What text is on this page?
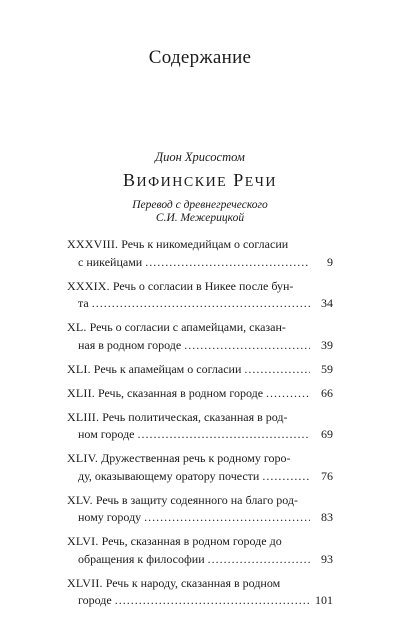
Содержание
Дион Хрисостом
ВИФИНСКИЕ РЕЧИ
Перевод с древнегреческого
С.И. Межерицкой
XXXVIII. Речь к никомедийцам о согласии
с никейцами .....	9
XXXIX. Речь о согласии в Никее после бун-
та .....	34
XL. Речь о согласии с апамейцами, сказан-
ная в родном городе .....	39
XLI. Речь к апамейцам о согласии .....	59
XLII. Речь, сказанная в родном городе .....	66
XLIII. Речь политическая, сказанная в род-
ном городе .....	69
XLIV. Дружественная речь к родному горо-
ду, оказывающему оратору почести .....	76
XLV. Речь в защиту содеянного на благо род-
ному городу .....	83
XLVI. Речь, сказанная в родном городе до
обращения к философии .....	93
XLVII. Речь к народу, сказанная в родном
городе .....	101
